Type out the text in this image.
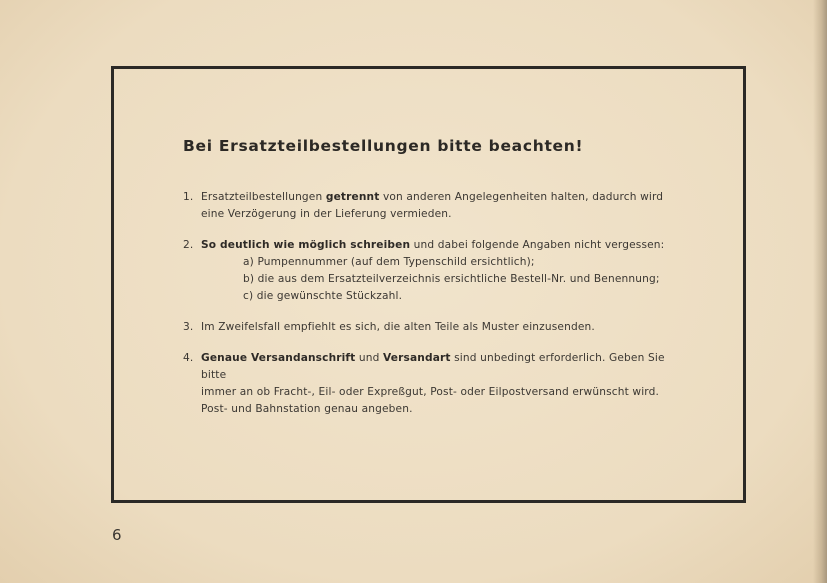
Bei Ersatzteilbestellungen bitte beachten!
1. Ersatzteilbestellungen getrennt von anderen Angelegenheiten halten, dadurch wird
eine Verzögerung in der Lieferung vermieden.
2. So deutlich wie möglich schreiben und dabei folgende Angaben nicht vergessen:
a) Pumpennummer (auf dem Typenschild ersichtlich);
b) die aus dem Ersatzteilverzeichnis ersichtliche Bestell-Nr. und Benennung;
c) die gewünschte Stückzahl.
3. Im Zweifelsfall empfiehlt es sich, die alten Teile als Muster einzusenden.
4. Genaue Versandanschrift und Versandart sind unbedingt erforderlich. Geben Sie bitte
immer an ob Fracht-, Eil- oder Expreßgut, Post- oder Eilpostversand erwünscht wird.
Post- und Bahnstation genau angeben.
6
